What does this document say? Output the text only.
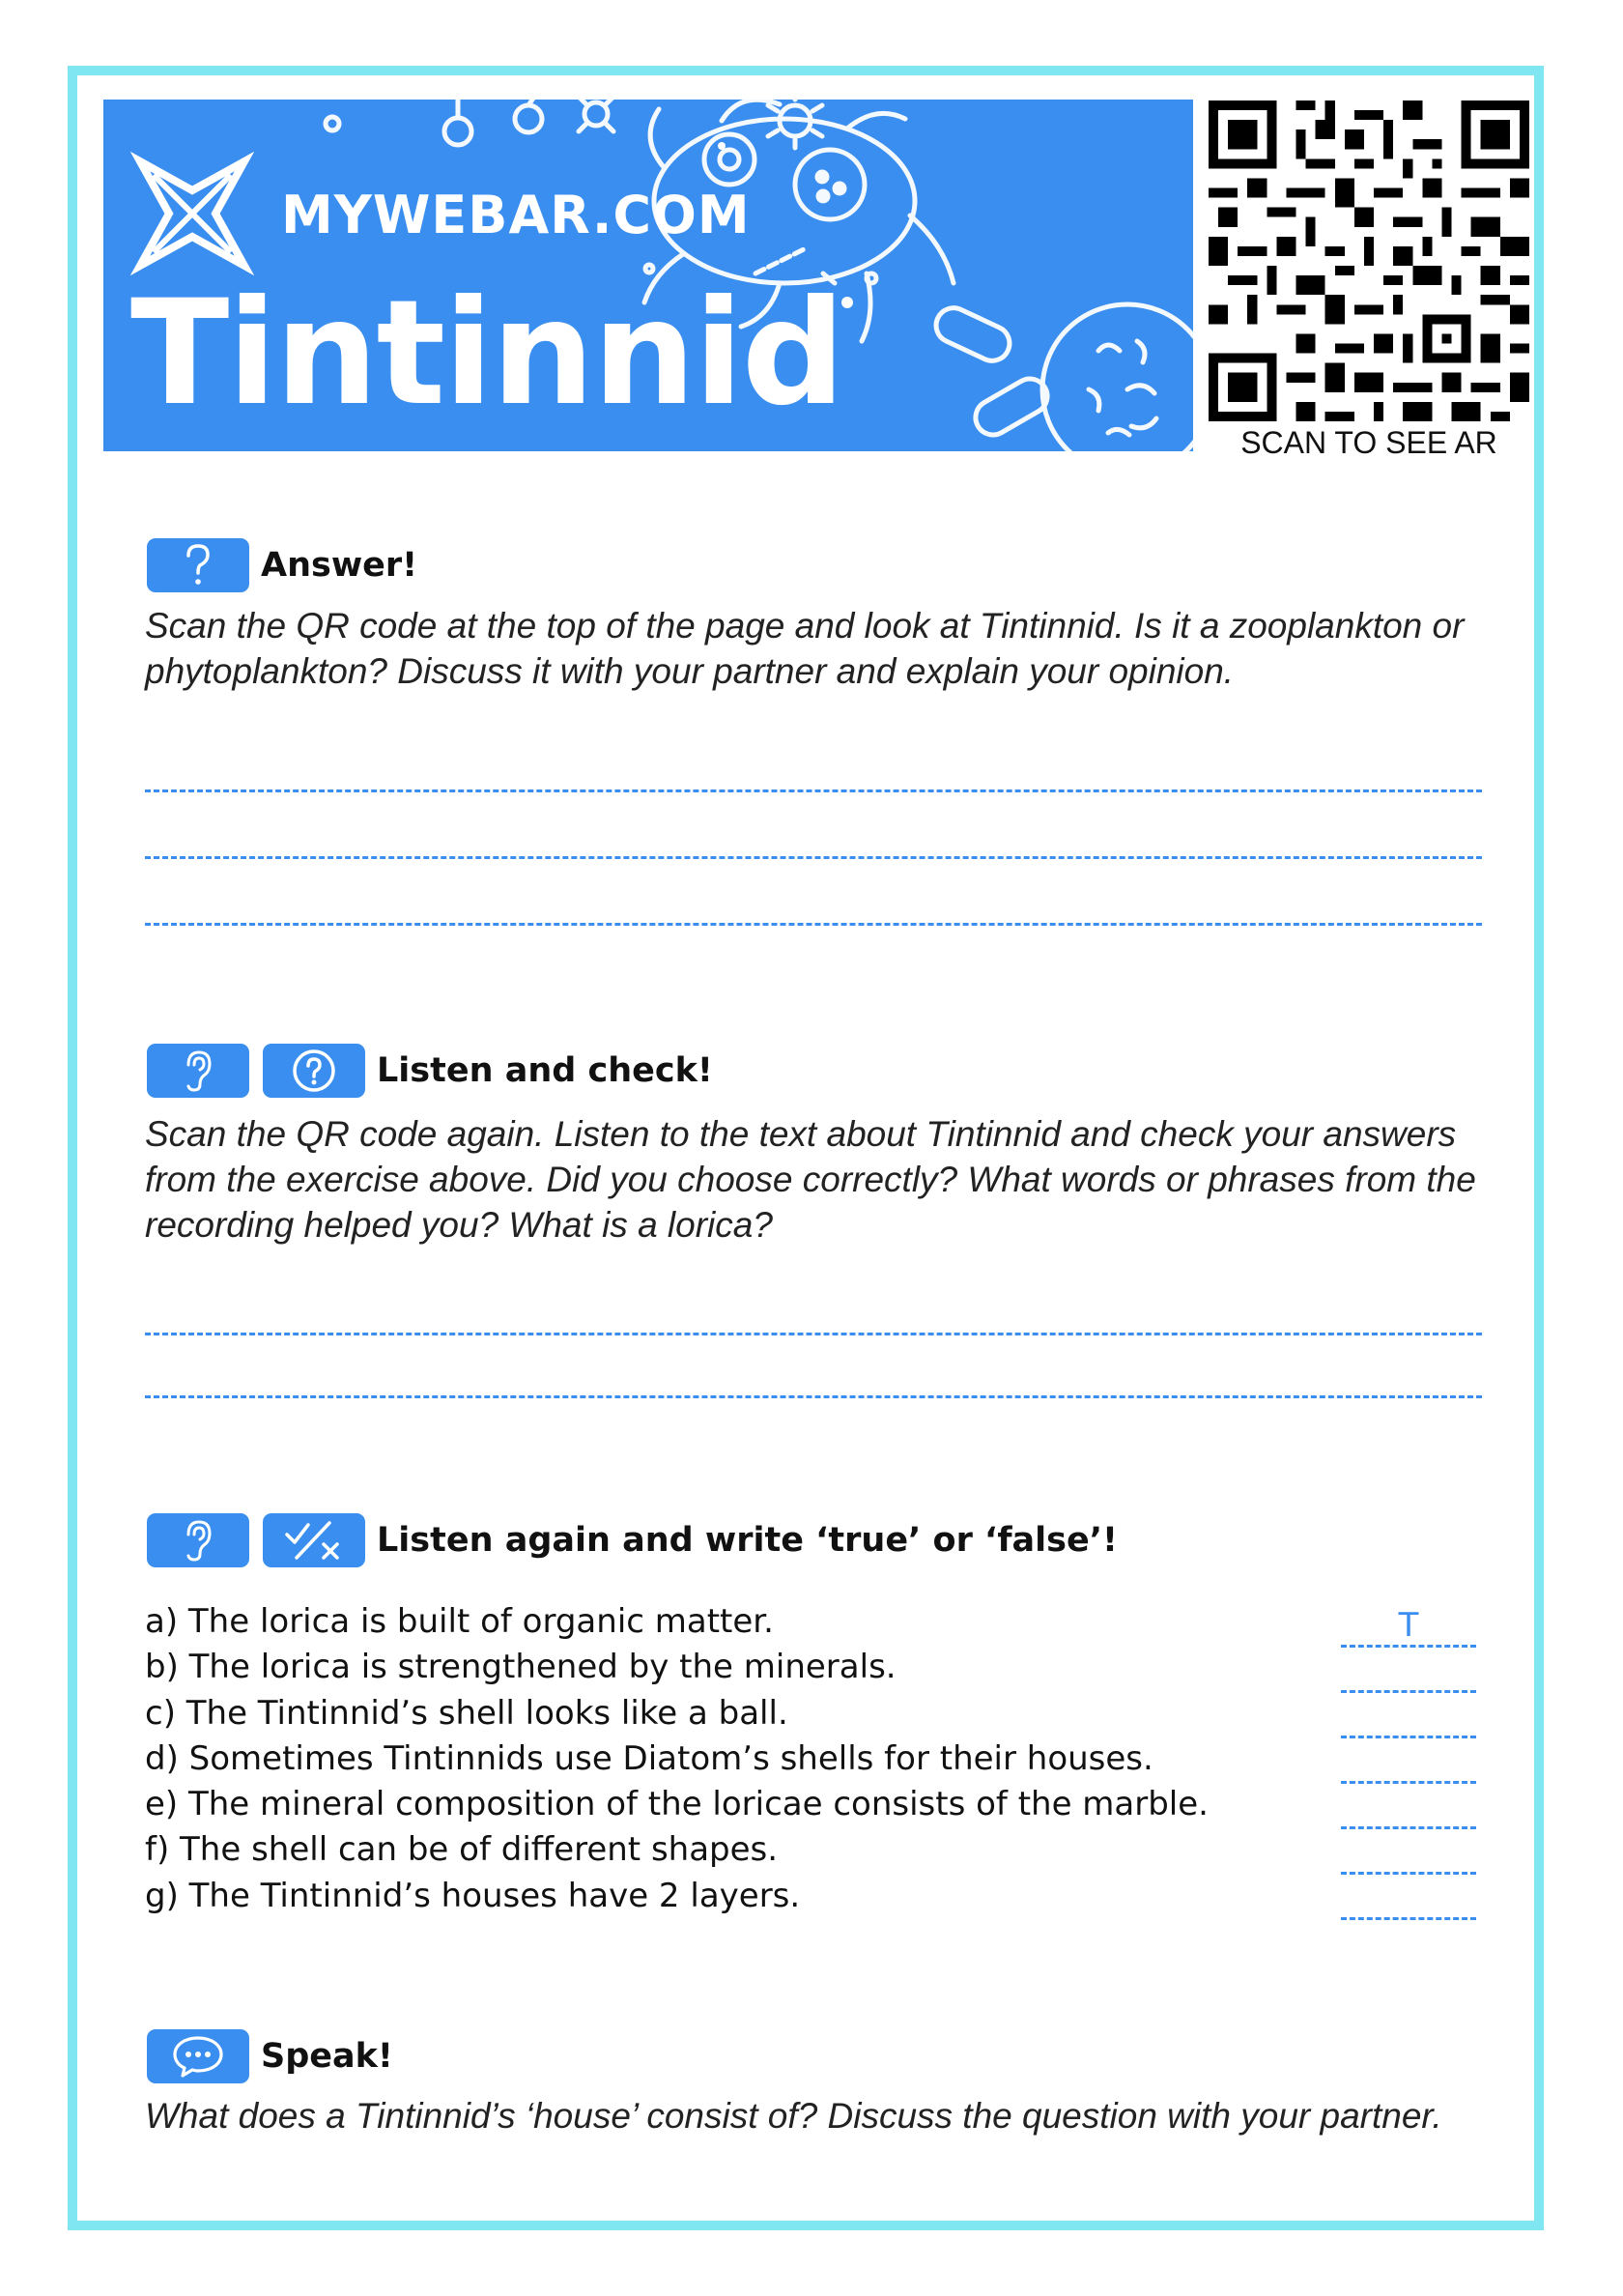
MYWEBAR.COM
Tintinnid
SCAN TO SEE AR
Answer!

Scan the QR code at the top of the page and look at Tintinnid. Is it a zooplankton or phytoplankton? Discuss it with your partner and explain your opinion.

Listen and check!

Scan the QR code again. Listen to the text about Tintinnid and check your answers from the exercise above. Did you choose correctly? What words or phrases from the recording helped you? What is a lorica?

Listen again and write ‘true’ or ‘false’!
a) The lorica is built of organic matter.
b) The lorica is strengthened by the minerals.
c) The Tintinnid’s shell looks like a ball.
d) Sometimes Tintinnids use Diatom’s shells for their houses.
e) The mineral composition of the loricae consists of the marble.
f) The shell can be of different shapes.
g) The Tintinnid’s houses have 2 layers.
T
Speak!

What does a Tintinnid’s ‘house’ consist of? Discuss the question with your partner.
